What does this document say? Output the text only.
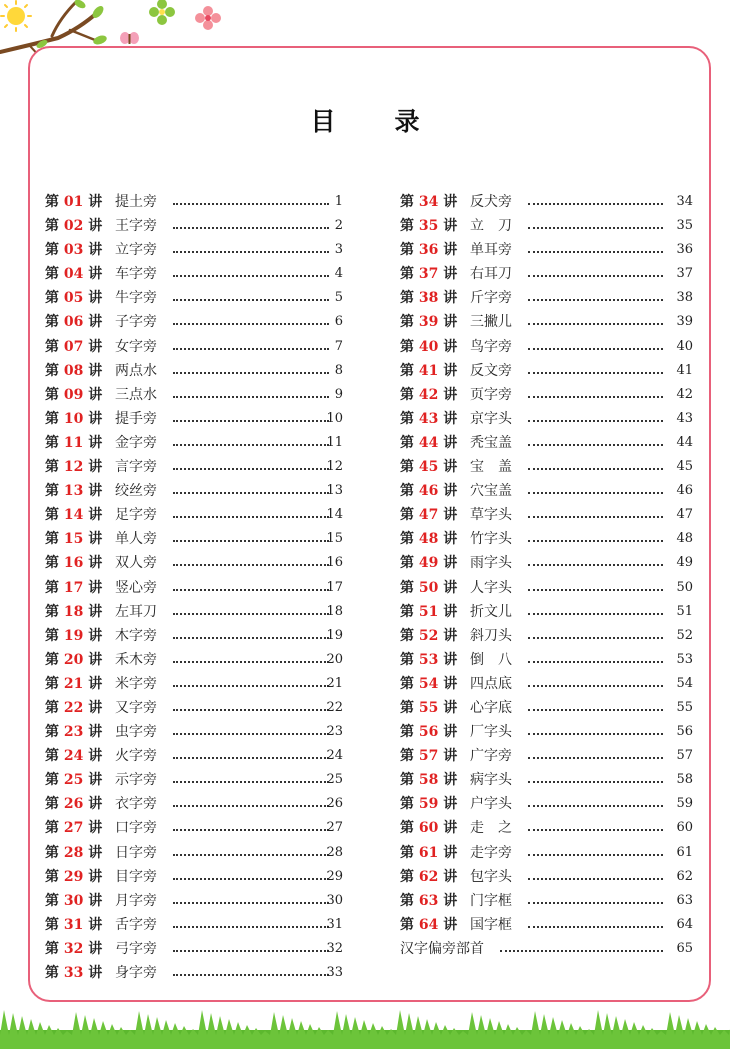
目	录
第 01 讲 提土旁	1
第 02 讲 王字旁	2
第 03 讲 立字旁	3
第 04 讲 车字旁	4
第 05 讲 牛字旁	5
第 06 讲 子字旁	6
第 07 讲 女字旁	7
第 08 讲 两点水	8
第 09 讲 三点水	9
第 10 讲 提手旁	10
第 11 讲 金字旁	11
第 12 讲 言字旁	12
第 13 讲 绞丝旁	13
第 14 讲 足字旁	14
第 15 讲 单人旁	15
第 16 讲 双人旁	16
第 17 讲 竖心旁	17
第 18 讲 左耳刀	18
第 19 讲 木字旁	19
第 20 讲 禾木旁	20
第 21 讲 米字旁	21
第 22 讲 又字旁	22
第 23 讲 虫字旁	23
第 24 讲 火字旁	24
第 25 讲 示字旁	25
第 26 讲 衣字旁	26
第 27 讲 口字旁	27
第 28 讲 日字旁	28
第 29 讲 目字旁	29
第 30 讲 月字旁	30
第 31 讲 舌字旁	31
第 32 讲 弓字旁	32
第 33 讲 身字旁	33
第 34 讲 反犬旁	34
第 35 讲 立　刀	35
第 36 讲 单耳旁	36
第 37 讲 右耳刀	37
第 38 讲 斤字旁	38
第 39 讲 三撇儿	39
第 40 讲 鸟字旁	40
第 41 讲 反文旁	41
第 42 讲 页字旁	42
第 43 讲 京字头	43
第 44 讲 秃宝盖	44
第 45 讲 宝　盖	45
第 46 讲 穴宝盖	46
第 47 讲 草字头	47
第 48 讲 竹字头	48
第 49 讲 雨字头	49
第 50 讲 人字头	50
第 51 讲 折文儿	51
第 52 讲 斜刀头	52
第 53 讲 倒　八	53
第 54 讲 四点底	54
第 55 讲 心字底	55
第 56 讲 厂字头	56
第 57 讲 广字旁	57
第 58 讲 病字头	58
第 59 讲 户字头	59
第 60 讲 走　之	60
第 61 讲 走字旁	61
第 62 讲 包字头	62
第 63 讲 门字框	63
第 64 讲 国字框	64
汉字偏旁部首	65
